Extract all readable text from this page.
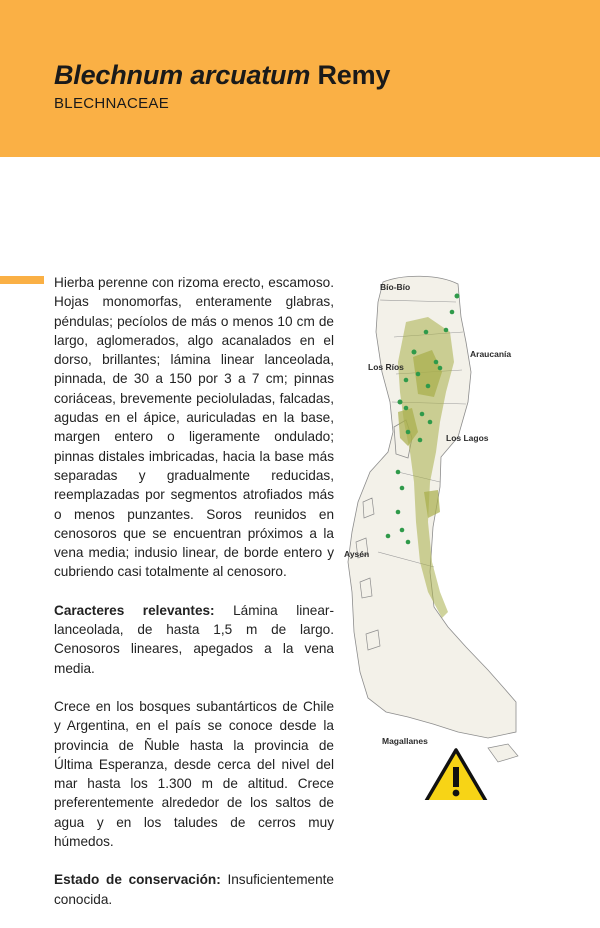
Blechnum arcuatum Remy

BLECHNACEAE

Hierba perenne con rizoma erecto, escamoso. Hojas monomorfas, enteramente glabras, péndulas; pecíolos de más o menos 10 cm de largo, aglomerados, algo acanalados en el dorso, brillantes; lámina linear lanceolada, pinnada, de 30 a 150 por 3 a 7 cm; pinnas coriáceas, brevemente pecioluladas, falcadas, agudas en el ápice, auriculadas en la base, margen entero o ligeramente ondulado; pinnas distales imbricadas, hacia la base más separadas y gradualmente reducidas, reemplazadas por segmentos atrofiados más o menos punzantes. Soros reunidos en cenosoros que se encuentran próximos a la vena media; indusio linear, de borde entero y cubriendo casi totalmente al cenosoro.

Caracteres relevantes: Lámina linear-lanceolada, de hasta 1,5 m de largo. Cenosoros lineares, apegados a la vena media.

Crece en los bosques subantárticos de Chile y Argentina, en el país se conoce desde la provincia de Ñuble hasta la provincia de Última Esperanza, desde cerca del nivel del mar hasta los 1.300 m de altitud. Crece preferentemente alrededor de los saltos de agua y en los taludes de cerros muy húmedos.

Estado de conservación: Insuficientemente conocida.

Bío-Bío
Araucanía
Los Ríos
Los Lagos
Aysén
Magallanes
